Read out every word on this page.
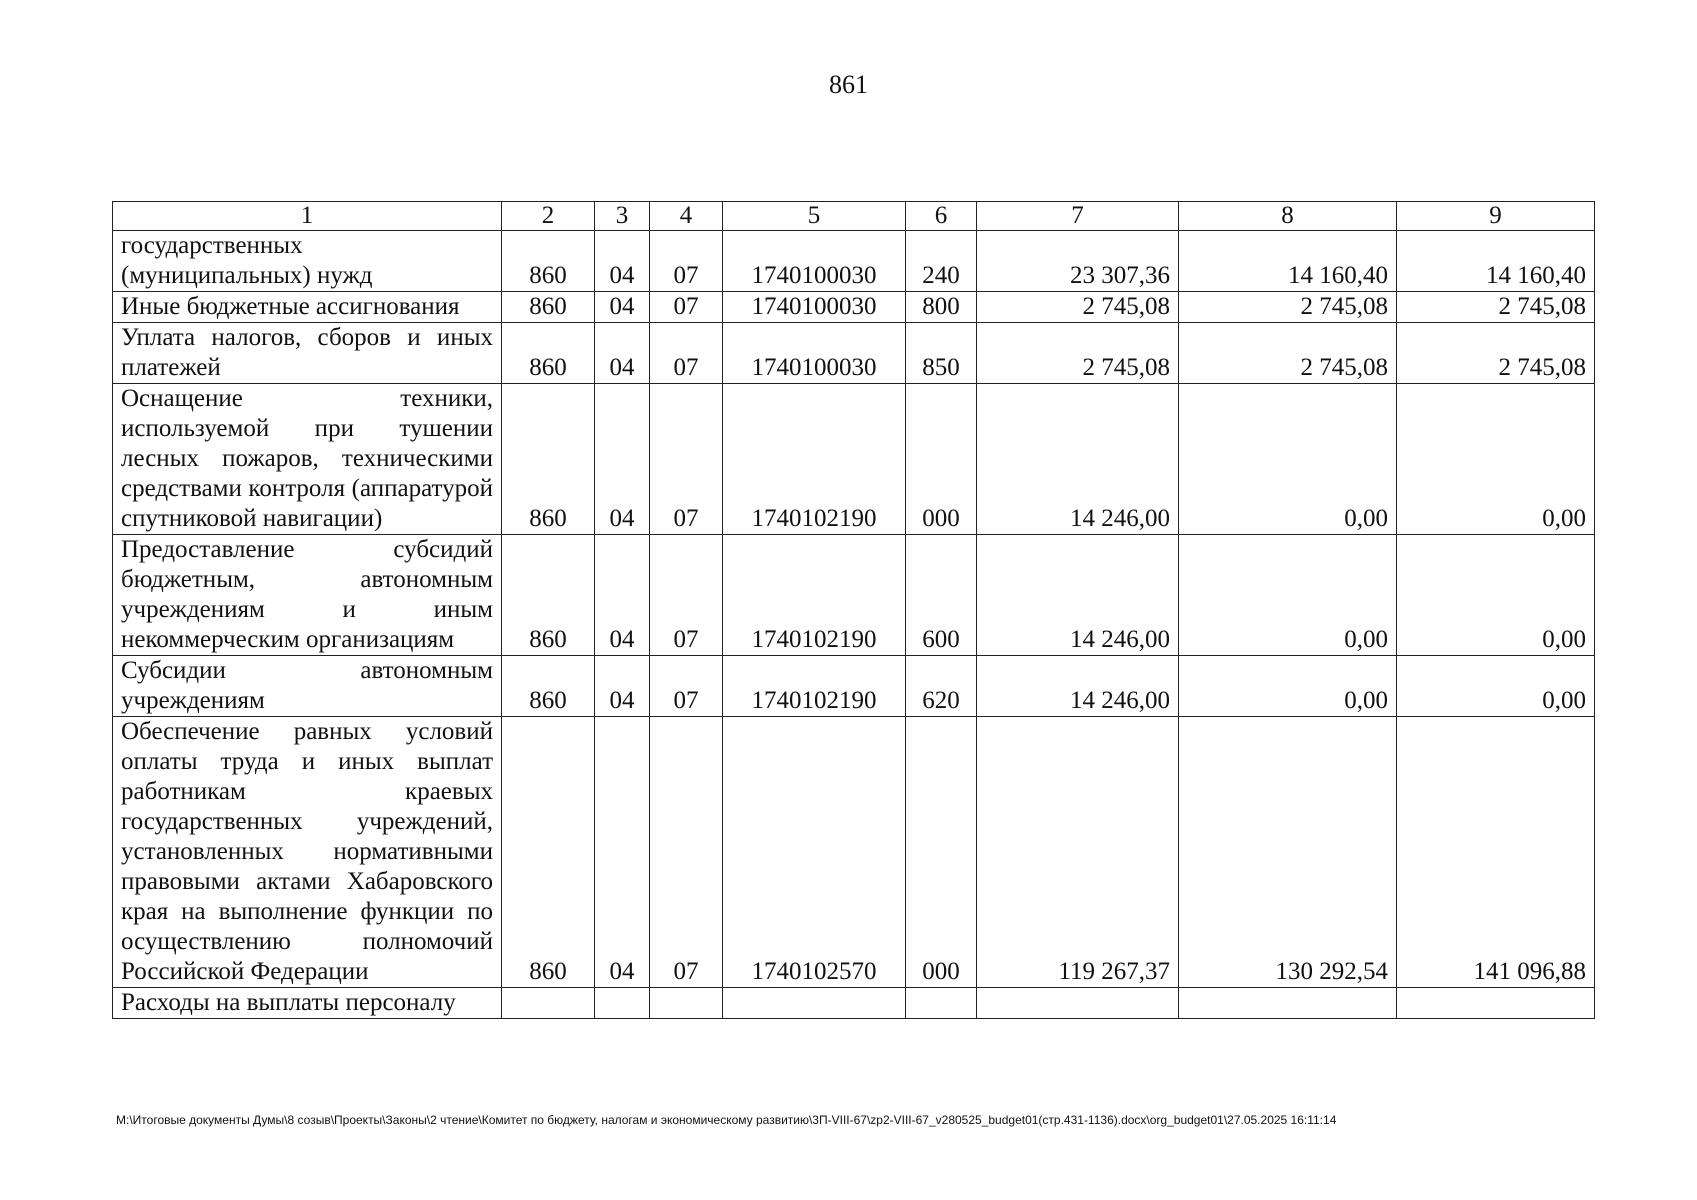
861
1	2	3	4	5	6	7	8	9
государственных (муниципальных) нужд	860	04	07	1740100030	240	23 307,36	14 160,40	14 160,40
Иные бюджетные ассигнования	860	04	07	1740100030	800	2 745,08	2 745,08	2 745,08
Уплата налогов, сборов и иных платежей	860	04	07	1740100030	850	2 745,08	2 745,08	2 745,08
Оснащение техники, используемой при тушении лесных пожаров, техническими средствами контроля (аппаратурой спутниковой навигации)	860	04	07	1740102190	000	14 246,00	0,00	0,00
Предоставление субсидий бюджетным, автономным учреждениям и иным некоммерческим организациям	860	04	07	1740102190	600	14 246,00	0,00	0,00
Субсидии автономным учреждениям	860	04	07	1740102190	620	14 246,00	0,00	0,00
Обеспечение равных условий оплаты труда и иных выплат работникам краевых государственных учреждений, установленных нормативными правовыми актами Хабаровского края на выполнение функции по осуществлению полномочий Российской Федерации	860	04	07	1740102570	000	119 267,37	130 292,54	141 096,88
Расходы на выплаты персоналу								
M:\Итоговые документы Думы\8 созыв\Проекты\Законы\2 чтение\Комитет по бюджету, налогам и экономическому развитию\3П-VIII-67\zp2-VIII-67_v280525_budget01(стр.431-1136).docx\org_budget01\27.05.2025 16:11:14
